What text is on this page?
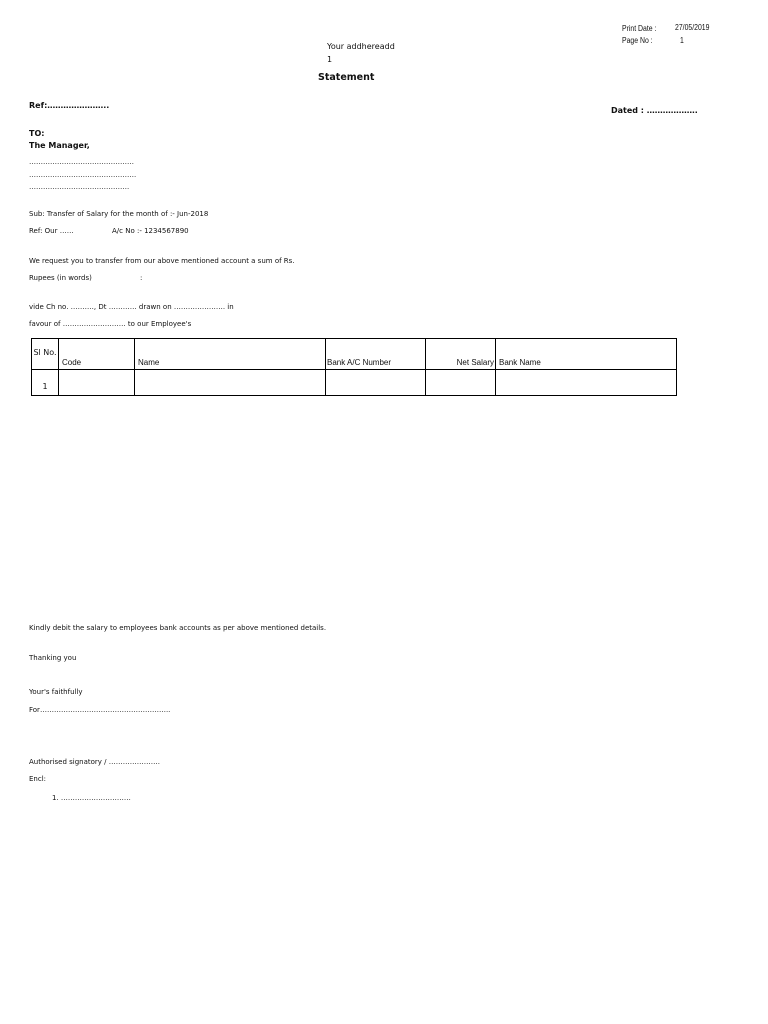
Print Date : 27/05/2019
Page No :	1
Your addhereadd
1
Statement
Ref:…………………..
Dated : ……………….
TO:
The Manager,
………………………………………
……………………………………….
…………………………………….
Sub: Transfer of Salary for the month of :- Jun-2018
Ref: Our ……	A/c No :- 1234567890
We request you to transfer from our above mentioned account a sum of Rs.
Rupees (in words)	:
vide Ch no. ………., Dt ………… drawn on …………………. in
favour of ……………………… to our Employee's
Sl No.	Code	Name	Bank A/C Number	Net Salary	Bank Name
1					
Kindly debit the salary to employees bank accounts as per above mentioned details.
Thanking you
Your's faithfully
For………………………………………………..
Authorised signatory / ………………….
Encl:
1. …………………………
